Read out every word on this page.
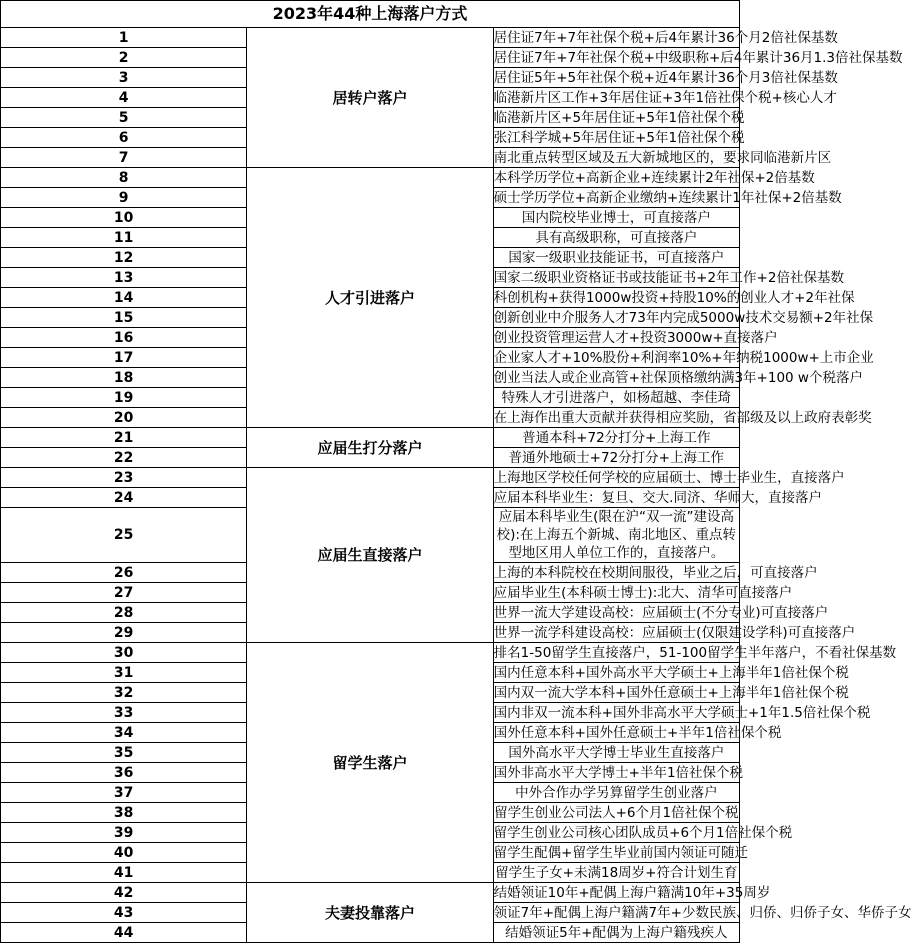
2023年44种上海落户方式		
1	居转户落户	居住证7年+7年社保个税+后4年累计36个月2倍社保基数
2		居住证7年+7年社保个税+中级职称+后4年累计36月1.3倍社保基数
3		居住证5年+5年社保个税+近4年累计36个月3倍社保基数
4		临港新片区工作+3年居住证+3年1倍社保个税+核心人才
5		临港新片区+5年居住证+5年1倍社保个税
6		张江科学城+5年居住证+5年1倍社保个税
7		南北重点转型区域及五大新城地区的，要求同临港新片区
8	人才引进落户	本科学历学位+高新企业+连续累计2年社保+2倍基数
9		硕士学历学位+高新企业缴纳+连续累计1年社保+2倍基数
10		国内院校毕业博士，可直接落户
11		具有高级职称，可直接落户
12		国家一级职业技能证书，可直接落户
13		国家二级职业资格证书或技能证书+2年工作+2倍社保基数
14		科创机构+获得1000w投资+持股10%的创业人才+2年社保
15		创新创业中介服务人才73年内完成5000w技术交易额+2年社保
16		创业投资管理运营人才+投资3000w+直接落户
17		企业家人才+10%股份+利润率10%+年纳税1000w+上市企业
18		创业当法人或企业高管+社保顶格缴纳满3年+100 w个税落户
19		特殊人才引进落户，如杨超越、李佳琦
20		在上海作出重大贡献并获得相应奖励，省部级及以上政府表彰奖
21	应届生打分落户	普通本科+72分打分+上海工作
22		普通外地硕士+72分打分+上海工作
23	应届生直接落户	上海地区学校任何学校的应届硕士、博士毕业生，直接落户
24		应届本科毕业生：复旦、交大.同济、华师大，直接落户
25		应届本科毕业生(限在沪“双一流”建设高校):在上海五个新城、南北地区、重点转型地区用人单位工作的，直接落户。
26		上海的本科院校在校期间服役，毕业之后，可直接落户
27		应届毕业生(本科硕士博士):北大、清华可直接落户
28		世界一流大学建设高校：应届硕士(不分专业)可直接落户
29		世界一流学科建设高校：应届硕士(仅限建设学科)可直接落户
30	留学生落户	排名1-50留学生直接落户，51-100留学生半年落户，不看社保基数
31		国内任意本科+国外高水平大学硕士+上海半年1倍社保个税
32		国内双一流大学本科+国外任意硕士+上海半年1倍社保个税
33		国内非双一流本科+国外非高水平大学硕士+1年1.5倍社保个税
34		国外任意本科+国外任意硕士+半年1倍社保个税
35		国外高水平大学博士毕业生直接落户
36		国外非高水平大学博士+半年1倍社保个税
37		中外合作办学另算留学生创业落户
38		留学生创业公司法人+6个月1倍社保个税
39		留学生创业公司核心团队成员+6个月1倍社保个税
40		留学生配偶+留学生毕业前国内领证可随迁
41		留学生子女+未满18周岁+符合计划生育
42	夫妻投靠落户	结婚领证10年+配偶上海户籍满10年+35周岁
43		领证7年+配偶上海户籍满7年+少数民族、归侨、归侨子女、华侨子女
44		结婚领证5年+配偶为上海户籍残疾人
